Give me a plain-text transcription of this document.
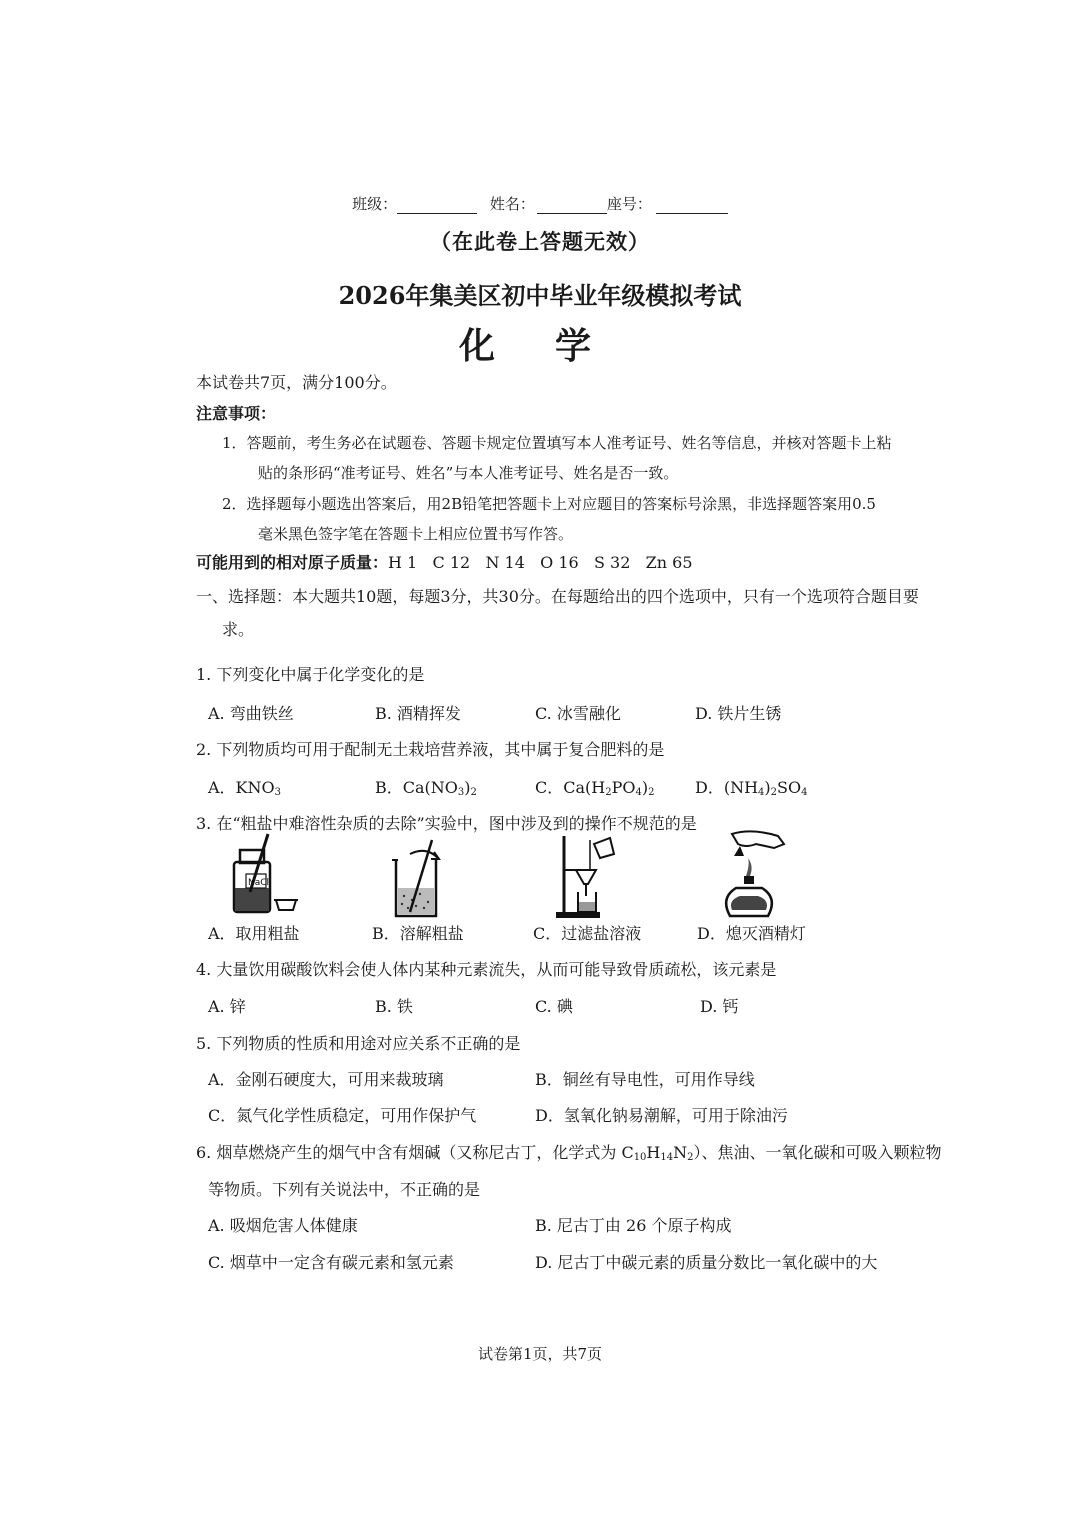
班级：	姓名：	座号：
（在此卷上答题无效）
2026年集美区初中毕业年级模拟考试
化学
本试卷共7页，满分100分。
注意事项：
1．答题前，考生务必在试题卷、答题卡规定位置填写本人准考证号、姓名等信息，并核对答题卡上粘
贴的条形码“准考证号、姓名”与本人准考证号、姓名是否一致。
2．选择题每小题选出答案后，用2B铅笔把答题卡上对应题目的答案标号涂黑，非选择题答案用0.5
毫米黑色签字笔在答题卡上相应位置书写作答。
可能用到的相对原子质量：H 1   C 12   N 14   O 16   S 32   Zn 65
一、选择题：本大题共10题，每题3分，共30分。在每题给出的四个选项中，只有一个选项符合题目要
求。
1. 下列变化中属于化学变化的是
A. 弯曲铁丝	B. 酒精挥发	C. 冰雪融化	D. 铁片生锈
2. 下列物质均可用于配制无土栽培营养液，其中属于复合肥料的是
A．$KNO_3$	B．$Ca(NO_3)_2$	C．$Ca(H_2PO_4)_2$	D．$(NH_4)_2SO_4$
3. 在“粗盐中难溶性杂质的去除”实验中，图中涉及到的操作不规范的是
NaCl
A．取用粗盐	B．溶解粗盐	C．过滤盐溶液	D．熄灭酒精灯
4. 大量饮用碳酸饮料会使人体内某种元素流失，从而可能导致骨质疏松，该元素是
A. 锌	B. 铁	C. 碘	D. 钙
5. 下列物质的性质和用途对应关系不正确的是
A．金刚石硬度大，可用来裁玻璃	B．铜丝有导电性，可用作导线
C．氮气化学性质稳定，可用作保护气	D．氢氧化钠易潮解，可用于除油污
6. 烟草燃烧产生的烟气中含有烟碱（又称尼古丁，化学式为 $C_{10}H_{14}N_2$）、焦油、一氧化碳和可吸入颗粒物
等物质。下列有关说法中，不正确的是
A. 吸烟危害人体健康	B. 尼古丁由 26 个原子构成
C. 烟草中一定含有碳元素和氢元素	D. 尼古丁中碳元素的质量分数比一氧化碳中的大
试卷第1页，共7页
